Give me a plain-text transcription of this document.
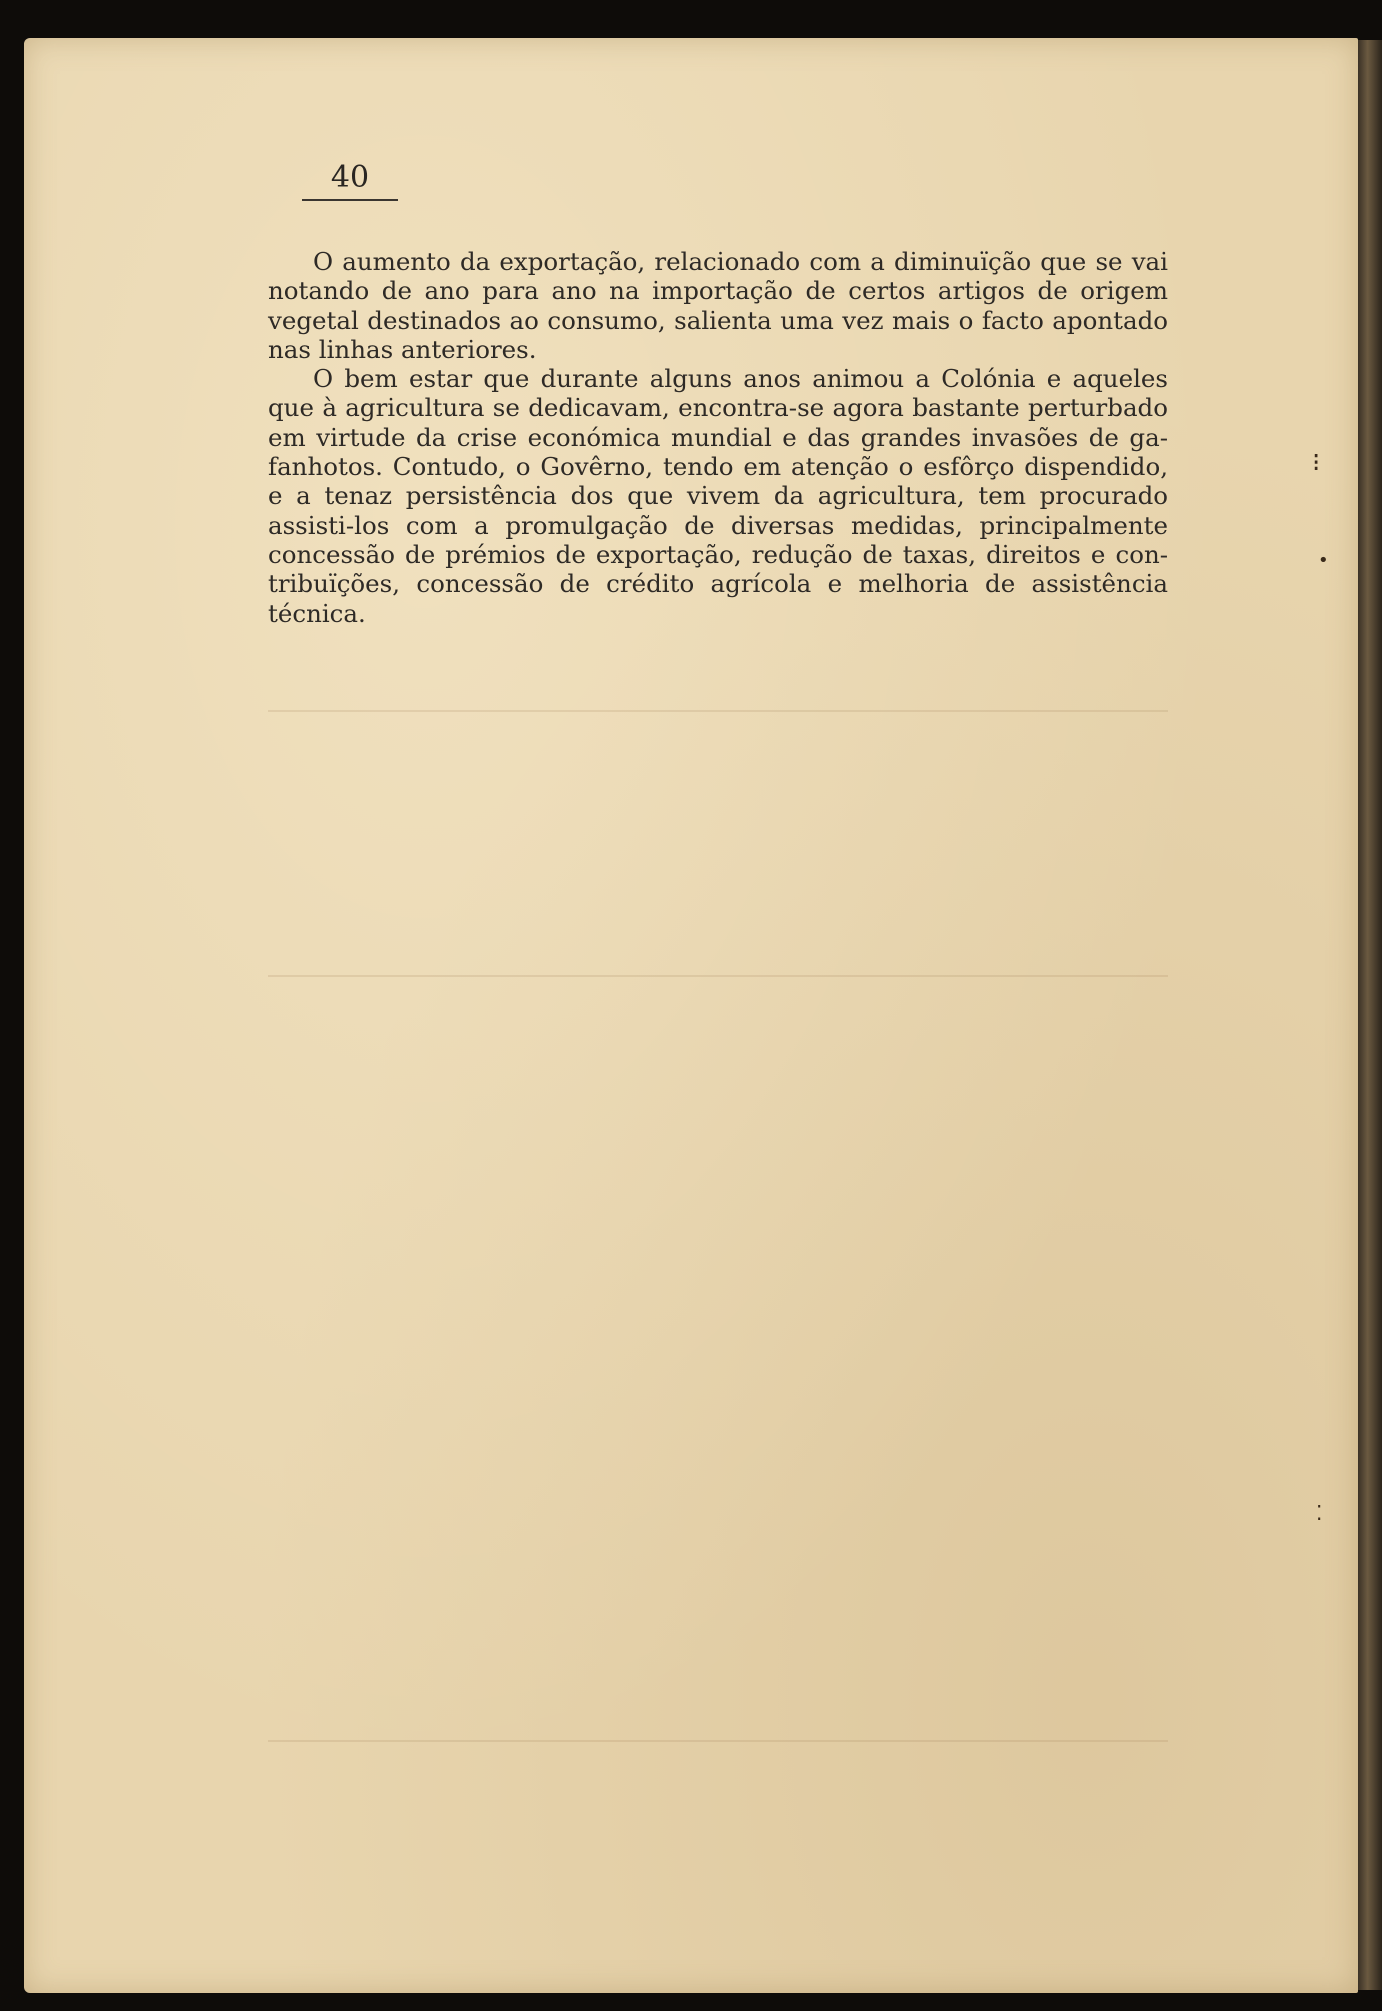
40

O aumento da exportação, relacionado com a diminuïção que se vai notando de ano para ano na importação de certos artigos de origem vegetal destinados ao consumo, salienta uma vez mais o facto apontado nas linhas anteriores.

O bem estar que durante alguns anos animou a Colónia e aqueles que à agricultura se dedicavam, encontra-se agora bastante perturbado em virtude da crise económica mundial e das grandes invasões de gafanhotos. Contudo, o Govêrno, tendo em atenção o esfôrço dispendido, e a tenaz persistência dos que vivem da agricultura, tem procurado assisti-los com a promulgação de diversas medidas, principalmente concessão de prémios de exportação, redução de taxas, direitos e contribuïções, concessão de crédito agrícola e melhoria de assistência técnica.

⁝
•
⁚
